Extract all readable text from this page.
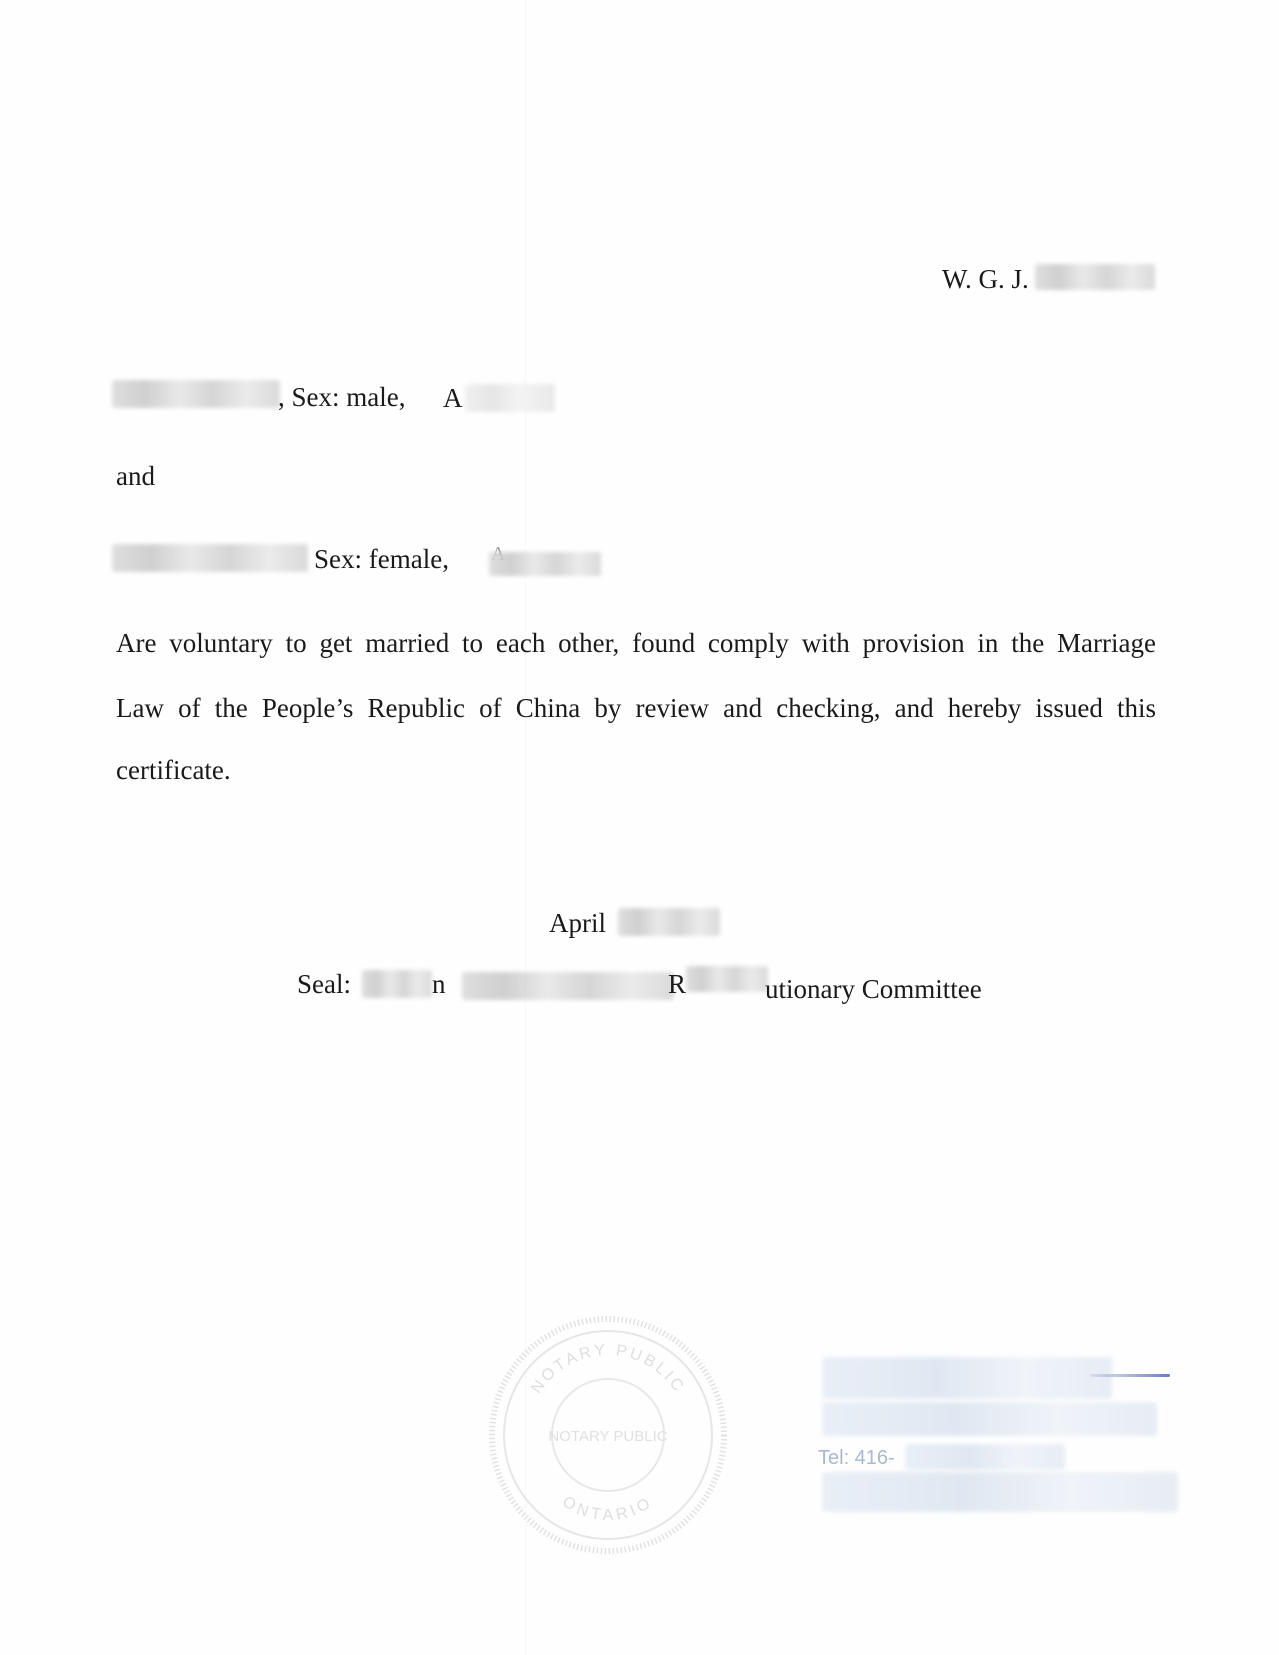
W. G. J.
, Sex: male, A
and
Sex: female,
Are voluntary to get married to each other, found comply with provision in the Marriage
Law of the People’s Republic of China by review and checking, and hereby issued this
certificate.
April
Seal:	n	R	utionary Committee
NOTARY PUBLIC
NOTARY PUBLIC
ONTARIO
Tel: 416-
